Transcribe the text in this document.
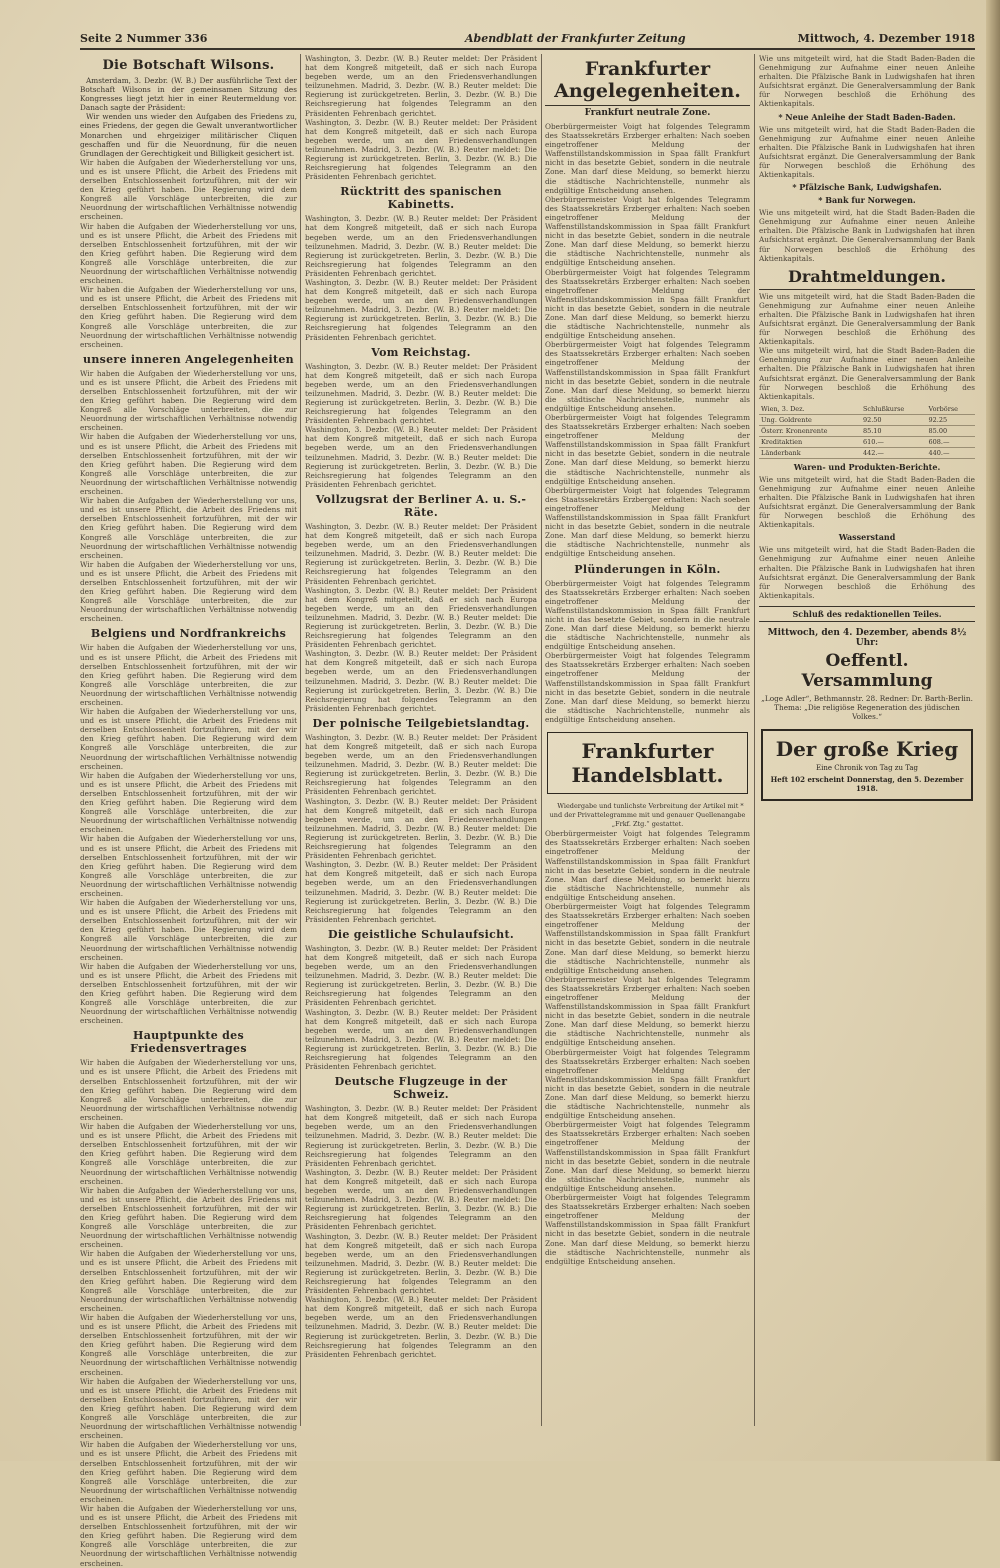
Seite 2 Nummer 336	Abendblatt der Frankfurter Zeitung	Mittwoch, 4. Dezember 1918
Die Botschaft Wilsons.

Amsterdam, 3. Dezbr. (W. B.) Der ausführliche Text der Botschaft Wilsons in der gemeinsamen Sitzung des Kongresses liegt jetzt hier in einer Reutermeldung vor. Danach sagte der Präsident:

Wir wenden uns wieder den Aufgaben des Friedens zu, eines Friedens, der gegen die Gewalt unverantwortlicher Monarchen und ehrgeiziger militärischer Cliquen geschaffen und für die Neuordnung, für die neuen Grundlagen der Gerechtigkeit und Billigkeit gesichert ist.

Wir haben die Aufgaben der Wiederherstellung vor uns, und es ist unsere Pflicht, die Arbeit des Friedens mit derselben Entschlossenheit fortzuführen, mit der wir den Krieg geführt haben. Die Regierung wird dem Kongreß alle Vorschläge unterbreiten, die zur Neuordnung der wirtschaftlichen Verhältnisse notwendig erscheinen.

Wir haben die Aufgaben der Wiederherstellung vor uns, und es ist unsere Pflicht, die Arbeit des Friedens mit derselben Entschlossenheit fortzuführen, mit der wir den Krieg geführt haben. Die Regierung wird dem Kongreß alle Vorschläge unterbreiten, die zur Neuordnung der wirtschaftlichen Verhältnisse notwendig erscheinen.

Wir haben die Aufgaben der Wiederherstellung vor uns, und es ist unsere Pflicht, die Arbeit des Friedens mit derselben Entschlossenheit fortzuführen, mit der wir den Krieg geführt haben. Die Regierung wird dem Kongreß alle Vorschläge unterbreiten, die zur Neuordnung der wirtschaftlichen Verhältnisse notwendig erscheinen.

unsere inneren Angelegenheiten

Wir haben die Aufgaben der Wiederherstellung vor uns, und es ist unsere Pflicht, die Arbeit des Friedens mit derselben Entschlossenheit fortzuführen, mit der wir den Krieg geführt haben. Die Regierung wird dem Kongreß alle Vorschläge unterbreiten, die zur Neuordnung der wirtschaftlichen Verhältnisse notwendig erscheinen.

Wir haben die Aufgaben der Wiederherstellung vor uns, und es ist unsere Pflicht, die Arbeit des Friedens mit derselben Entschlossenheit fortzuführen, mit der wir den Krieg geführt haben. Die Regierung wird dem Kongreß alle Vorschläge unterbreiten, die zur Neuordnung der wirtschaftlichen Verhältnisse notwendig erscheinen.

Wir haben die Aufgaben der Wiederherstellung vor uns, und es ist unsere Pflicht, die Arbeit des Friedens mit derselben Entschlossenheit fortzuführen, mit der wir den Krieg geführt haben. Die Regierung wird dem Kongreß alle Vorschläge unterbreiten, die zur Neuordnung der wirtschaftlichen Verhältnisse notwendig erscheinen.

Wir haben die Aufgaben der Wiederherstellung vor uns, und es ist unsere Pflicht, die Arbeit des Friedens mit derselben Entschlossenheit fortzuführen, mit der wir den Krieg geführt haben. Die Regierung wird dem Kongreß alle Vorschläge unterbreiten, die zur Neuordnung der wirtschaftlichen Verhältnisse notwendig erscheinen.

Belgiens und Nordfrankreichs

Wir haben die Aufgaben der Wiederherstellung vor uns, und es ist unsere Pflicht, die Arbeit des Friedens mit derselben Entschlossenheit fortzuführen, mit der wir den Krieg geführt haben. Die Regierung wird dem Kongreß alle Vorschläge unterbreiten, die zur Neuordnung der wirtschaftlichen Verhältnisse notwendig erscheinen.

Wir haben die Aufgaben der Wiederherstellung vor uns, und es ist unsere Pflicht, die Arbeit des Friedens mit derselben Entschlossenheit fortzuführen, mit der wir den Krieg geführt haben. Die Regierung wird dem Kongreß alle Vorschläge unterbreiten, die zur Neuordnung der wirtschaftlichen Verhältnisse notwendig erscheinen.

Wir haben die Aufgaben der Wiederherstellung vor uns, und es ist unsere Pflicht, die Arbeit des Friedens mit derselben Entschlossenheit fortzuführen, mit der wir den Krieg geführt haben. Die Regierung wird dem Kongreß alle Vorschläge unterbreiten, die zur Neuordnung der wirtschaftlichen Verhältnisse notwendig erscheinen.

Wir haben die Aufgaben der Wiederherstellung vor uns, und es ist unsere Pflicht, die Arbeit des Friedens mit derselben Entschlossenheit fortzuführen, mit der wir den Krieg geführt haben. Die Regierung wird dem Kongreß alle Vorschläge unterbreiten, die zur Neuordnung der wirtschaftlichen Verhältnisse notwendig erscheinen.

Wir haben die Aufgaben der Wiederherstellung vor uns, und es ist unsere Pflicht, die Arbeit des Friedens mit derselben Entschlossenheit fortzuführen, mit der wir den Krieg geführt haben. Die Regierung wird dem Kongreß alle Vorschläge unterbreiten, die zur Neuordnung der wirtschaftlichen Verhältnisse notwendig erscheinen.

Wir haben die Aufgaben der Wiederherstellung vor uns, und es ist unsere Pflicht, die Arbeit des Friedens mit derselben Entschlossenheit fortzuführen, mit der wir den Krieg geführt haben. Die Regierung wird dem Kongreß alle Vorschläge unterbreiten, die zur Neuordnung der wirtschaftlichen Verhältnisse notwendig erscheinen.

Hauptpunkte des Friedensvertrages

Wir haben die Aufgaben der Wiederherstellung vor uns, und es ist unsere Pflicht, die Arbeit des Friedens mit derselben Entschlossenheit fortzuführen, mit der wir den Krieg geführt haben. Die Regierung wird dem Kongreß alle Vorschläge unterbreiten, die zur Neuordnung der wirtschaftlichen Verhältnisse notwendig erscheinen.

Wir haben die Aufgaben der Wiederherstellung vor uns, und es ist unsere Pflicht, die Arbeit des Friedens mit derselben Entschlossenheit fortzuführen, mit der wir den Krieg geführt haben. Die Regierung wird dem Kongreß alle Vorschläge unterbreiten, die zur Neuordnung der wirtschaftlichen Verhältnisse notwendig erscheinen.

Wir haben die Aufgaben der Wiederherstellung vor uns, und es ist unsere Pflicht, die Arbeit des Friedens mit derselben Entschlossenheit fortzuführen, mit der wir den Krieg geführt haben. Die Regierung wird dem Kongreß alle Vorschläge unterbreiten, die zur Neuordnung der wirtschaftlichen Verhältnisse notwendig erscheinen.

Wir haben die Aufgaben der Wiederherstellung vor uns, und es ist unsere Pflicht, die Arbeit des Friedens mit derselben Entschlossenheit fortzuführen, mit der wir den Krieg geführt haben. Die Regierung wird dem Kongreß alle Vorschläge unterbreiten, die zur Neuordnung der wirtschaftlichen Verhältnisse notwendig erscheinen.

Wir haben die Aufgaben der Wiederherstellung vor uns, und es ist unsere Pflicht, die Arbeit des Friedens mit derselben Entschlossenheit fortzuführen, mit der wir den Krieg geführt haben. Die Regierung wird dem Kongreß alle Vorschläge unterbreiten, die zur Neuordnung der wirtschaftlichen Verhältnisse notwendig erscheinen.

Wir haben die Aufgaben der Wiederherstellung vor uns, und es ist unsere Pflicht, die Arbeit des Friedens mit derselben Entschlossenheit fortzuführen, mit der wir den Krieg geführt haben. Die Regierung wird dem Kongreß alle Vorschläge unterbreiten, die zur Neuordnung der wirtschaftlichen Verhältnisse notwendig erscheinen.

Wir haben die Aufgaben der Wiederherstellung vor uns, und es ist unsere Pflicht, die Arbeit des Friedens mit derselben Entschlossenheit fortzuführen, mit der wir den Krieg geführt haben. Die Regierung wird dem Kongreß alle Vorschläge unterbreiten, die zur Neuordnung der wirtschaftlichen Verhältnisse notwendig erscheinen.

Wir haben die Aufgaben der Wiederherstellung vor uns, und es ist unsere Pflicht, die Arbeit des Friedens mit derselben Entschlossenheit fortzuführen, mit der wir den Krieg geführt haben. Die Regierung wird dem Kongreß alle Vorschläge unterbreiten, die zur Neuordnung der wirtschaftlichen Verhältnisse notwendig erscheinen.

Washington, 3. Dezbr. (W. B.) Reuter meldet: Der Präsident hat dem Kongreß mitgeteilt, daß er sich nach Europa begeben werde, um an den Friedensverhandlungen teilzunehmen. Madrid, 3. Dezbr. (W. B.) Reuter meldet: Die Regierung ist zurückgetreten. Berlin, 3. Dezbr. (W. B.) Die Reichsregierung hat folgendes Telegramm an den Präsidenten Fehrenbach gerichtet.

Washington, 3. Dezbr. (W. B.) Reuter meldet: Der Präsident hat dem Kongreß mitgeteilt, daß er sich nach Europa begeben werde, um an den Friedensverhandlungen teilzunehmen. Madrid, 3. Dezbr. (W. B.) Reuter meldet: Die Regierung ist zurückgetreten. Berlin, 3. Dezbr. (W. B.) Die Reichsregierung hat folgendes Telegramm an den Präsidenten Fehrenbach gerichtet.

Rücktritt des spanischen Kabinetts.

Washington, 3. Dezbr. (W. B.) Reuter meldet: Der Präsident hat dem Kongreß mitgeteilt, daß er sich nach Europa begeben werde, um an den Friedensverhandlungen teilzunehmen. Madrid, 3. Dezbr. (W. B.) Reuter meldet: Die Regierung ist zurückgetreten. Berlin, 3. Dezbr. (W. B.) Die Reichsregierung hat folgendes Telegramm an den Präsidenten Fehrenbach gerichtet.

Washington, 3. Dezbr. (W. B.) Reuter meldet: Der Präsident hat dem Kongreß mitgeteilt, daß er sich nach Europa begeben werde, um an den Friedensverhandlungen teilzunehmen. Madrid, 3. Dezbr. (W. B.) Reuter meldet: Die Regierung ist zurückgetreten. Berlin, 3. Dezbr. (W. B.) Die Reichsregierung hat folgendes Telegramm an den Präsidenten Fehrenbach gerichtet.

Vom Reichstag.

Washington, 3. Dezbr. (W. B.) Reuter meldet: Der Präsident hat dem Kongreß mitgeteilt, daß er sich nach Europa begeben werde, um an den Friedensverhandlungen teilzunehmen. Madrid, 3. Dezbr. (W. B.) Reuter meldet: Die Regierung ist zurückgetreten. Berlin, 3. Dezbr. (W. B.) Die Reichsregierung hat folgendes Telegramm an den Präsidenten Fehrenbach gerichtet.

Washington, 3. Dezbr. (W. B.) Reuter meldet: Der Präsident hat dem Kongreß mitgeteilt, daß er sich nach Europa begeben werde, um an den Friedensverhandlungen teilzunehmen. Madrid, 3. Dezbr. (W. B.) Reuter meldet: Die Regierung ist zurückgetreten. Berlin, 3. Dezbr. (W. B.) Die Reichsregierung hat folgendes Telegramm an den Präsidenten Fehrenbach gerichtet.

Vollzugsrat der Berliner A. u. S.-Räte.

Washington, 3. Dezbr. (W. B.) Reuter meldet: Der Präsident hat dem Kongreß mitgeteilt, daß er sich nach Europa begeben werde, um an den Friedensverhandlungen teilzunehmen. Madrid, 3. Dezbr. (W. B.) Reuter meldet: Die Regierung ist zurückgetreten. Berlin, 3. Dezbr. (W. B.) Die Reichsregierung hat folgendes Telegramm an den Präsidenten Fehrenbach gerichtet.

Washington, 3. Dezbr. (W. B.) Reuter meldet: Der Präsident hat dem Kongreß mitgeteilt, daß er sich nach Europa begeben werde, um an den Friedensverhandlungen teilzunehmen. Madrid, 3. Dezbr. (W. B.) Reuter meldet: Die Regierung ist zurückgetreten. Berlin, 3. Dezbr. (W. B.) Die Reichsregierung hat folgendes Telegramm an den Präsidenten Fehrenbach gerichtet.

Washington, 3. Dezbr. (W. B.) Reuter meldet: Der Präsident hat dem Kongreß mitgeteilt, daß er sich nach Europa begeben werde, um an den Friedensverhandlungen teilzunehmen. Madrid, 3. Dezbr. (W. B.) Reuter meldet: Die Regierung ist zurückgetreten. Berlin, 3. Dezbr. (W. B.) Die Reichsregierung hat folgendes Telegramm an den Präsidenten Fehrenbach gerichtet.

Der polnische Teilgebietslandtag.

Washington, 3. Dezbr. (W. B.) Reuter meldet: Der Präsident hat dem Kongreß mitgeteilt, daß er sich nach Europa begeben werde, um an den Friedensverhandlungen teilzunehmen. Madrid, 3. Dezbr. (W. B.) Reuter meldet: Die Regierung ist zurückgetreten. Berlin, 3. Dezbr. (W. B.) Die Reichsregierung hat folgendes Telegramm an den Präsidenten Fehrenbach gerichtet.

Washington, 3. Dezbr. (W. B.) Reuter meldet: Der Präsident hat dem Kongreß mitgeteilt, daß er sich nach Europa begeben werde, um an den Friedensverhandlungen teilzunehmen. Madrid, 3. Dezbr. (W. B.) Reuter meldet: Die Regierung ist zurückgetreten. Berlin, 3. Dezbr. (W. B.) Die Reichsregierung hat folgendes Telegramm an den Präsidenten Fehrenbach gerichtet.

Washington, 3. Dezbr. (W. B.) Reuter meldet: Der Präsident hat dem Kongreß mitgeteilt, daß er sich nach Europa begeben werde, um an den Friedensverhandlungen teilzunehmen. Madrid, 3. Dezbr. (W. B.) Reuter meldet: Die Regierung ist zurückgetreten. Berlin, 3. Dezbr. (W. B.) Die Reichsregierung hat folgendes Telegramm an den Präsidenten Fehrenbach gerichtet.

Die geistliche Schulaufsicht.

Washington, 3. Dezbr. (W. B.) Reuter meldet: Der Präsident hat dem Kongreß mitgeteilt, daß er sich nach Europa begeben werde, um an den Friedensverhandlungen teilzunehmen. Madrid, 3. Dezbr. (W. B.) Reuter meldet: Die Regierung ist zurückgetreten. Berlin, 3. Dezbr. (W. B.) Die Reichsregierung hat folgendes Telegramm an den Präsidenten Fehrenbach gerichtet.

Washington, 3. Dezbr. (W. B.) Reuter meldet: Der Präsident hat dem Kongreß mitgeteilt, daß er sich nach Europa begeben werde, um an den Friedensverhandlungen teilzunehmen. Madrid, 3. Dezbr. (W. B.) Reuter meldet: Die Regierung ist zurückgetreten. Berlin, 3. Dezbr. (W. B.) Die Reichsregierung hat folgendes Telegramm an den Präsidenten Fehrenbach gerichtet.

Deutsche Flugzeuge in der Schweiz.

Washington, 3. Dezbr. (W. B.) Reuter meldet: Der Präsident hat dem Kongreß mitgeteilt, daß er sich nach Europa begeben werde, um an den Friedensverhandlungen teilzunehmen. Madrid, 3. Dezbr. (W. B.) Reuter meldet: Die Regierung ist zurückgetreten. Berlin, 3. Dezbr. (W. B.) Die Reichsregierung hat folgendes Telegramm an den Präsidenten Fehrenbach gerichtet.

Washington, 3. Dezbr. (W. B.) Reuter meldet: Der Präsident hat dem Kongreß mitgeteilt, daß er sich nach Europa begeben werde, um an den Friedensverhandlungen teilzunehmen. Madrid, 3. Dezbr. (W. B.) Reuter meldet: Die Regierung ist zurückgetreten. Berlin, 3. Dezbr. (W. B.) Die Reichsregierung hat folgendes Telegramm an den Präsidenten Fehrenbach gerichtet.

Washington, 3. Dezbr. (W. B.) Reuter meldet: Der Präsident hat dem Kongreß mitgeteilt, daß er sich nach Europa begeben werde, um an den Friedensverhandlungen teilzunehmen. Madrid, 3. Dezbr. (W. B.) Reuter meldet: Die Regierung ist zurückgetreten. Berlin, 3. Dezbr. (W. B.) Die Reichsregierung hat folgendes Telegramm an den Präsidenten Fehrenbach gerichtet.

Washington, 3. Dezbr. (W. B.) Reuter meldet: Der Präsident hat dem Kongreß mitgeteilt, daß er sich nach Europa begeben werde, um an den Friedensverhandlungen teilzunehmen. Madrid, 3. Dezbr. (W. B.) Reuter meldet: Die Regierung ist zurückgetreten. Berlin, 3. Dezbr. (W. B.) Die Reichsregierung hat folgendes Telegramm an den Präsidenten Fehrenbach gerichtet.

Frankfurter Angelegenheiten.
Frankfurt neutrale Zone.

Oberbürgermeister Voigt hat folgendes Telegramm des Staatssekretärs Erzberger erhalten: Nach soeben eingetroffener Meldung der Waffenstillstandskommission in Spaa fällt Frankfurt nicht in das besetzte Gebiet, sondern in die neutrale Zone. Man darf diese Meldung, so bemerkt hierzu die städtische Nachrichtenstelle, nunmehr als endgültige Entscheidung ansehen.

Oberbürgermeister Voigt hat folgendes Telegramm des Staatssekretärs Erzberger erhalten: Nach soeben eingetroffener Meldung der Waffenstillstandskommission in Spaa fällt Frankfurt nicht in das besetzte Gebiet, sondern in die neutrale Zone. Man darf diese Meldung, so bemerkt hierzu die städtische Nachrichtenstelle, nunmehr als endgültige Entscheidung ansehen.

Oberbürgermeister Voigt hat folgendes Telegramm des Staatssekretärs Erzberger erhalten: Nach soeben eingetroffener Meldung der Waffenstillstandskommission in Spaa fällt Frankfurt nicht in das besetzte Gebiet, sondern in die neutrale Zone. Man darf diese Meldung, so bemerkt hierzu die städtische Nachrichtenstelle, nunmehr als endgültige Entscheidung ansehen.

Oberbürgermeister Voigt hat folgendes Telegramm des Staatssekretärs Erzberger erhalten: Nach soeben eingetroffener Meldung der Waffenstillstandskommission in Spaa fällt Frankfurt nicht in das besetzte Gebiet, sondern in die neutrale Zone. Man darf diese Meldung, so bemerkt hierzu die städtische Nachrichtenstelle, nunmehr als endgültige Entscheidung ansehen.

Oberbürgermeister Voigt hat folgendes Telegramm des Staatssekretärs Erzberger erhalten: Nach soeben eingetroffener Meldung der Waffenstillstandskommission in Spaa fällt Frankfurt nicht in das besetzte Gebiet, sondern in die neutrale Zone. Man darf diese Meldung, so bemerkt hierzu die städtische Nachrichtenstelle, nunmehr als endgültige Entscheidung ansehen.

Oberbürgermeister Voigt hat folgendes Telegramm des Staatssekretärs Erzberger erhalten: Nach soeben eingetroffener Meldung der Waffenstillstandskommission in Spaa fällt Frankfurt nicht in das besetzte Gebiet, sondern in die neutrale Zone. Man darf diese Meldung, so bemerkt hierzu die städtische Nachrichtenstelle, nunmehr als endgültige Entscheidung ansehen.

Plünderungen in Köln.

Oberbürgermeister Voigt hat folgendes Telegramm des Staatssekretärs Erzberger erhalten: Nach soeben eingetroffener Meldung der Waffenstillstandskommission in Spaa fällt Frankfurt nicht in das besetzte Gebiet, sondern in die neutrale Zone. Man darf diese Meldung, so bemerkt hierzu die städtische Nachrichtenstelle, nunmehr als endgültige Entscheidung ansehen.

Oberbürgermeister Voigt hat folgendes Telegramm des Staatssekretärs Erzberger erhalten: Nach soeben eingetroffener Meldung der Waffenstillstandskommission in Spaa fällt Frankfurt nicht in das besetzte Gebiet, sondern in die neutrale Zone. Man darf diese Meldung, so bemerkt hierzu die städtische Nachrichtenstelle, nunmehr als endgültige Entscheidung ansehen.

Frankfurter Handelsblatt.

Wiedergabe und tunlichste Verbreitung der Artikel mit * und der Privattelegramme mit und genauer Quellenangabe „Frkf. Ztg.“ gestattet.

Oberbürgermeister Voigt hat folgendes Telegramm des Staatssekretärs Erzberger erhalten: Nach soeben eingetroffener Meldung der Waffenstillstandskommission in Spaa fällt Frankfurt nicht in das besetzte Gebiet, sondern in die neutrale Zone. Man darf diese Meldung, so bemerkt hierzu die städtische Nachrichtenstelle, nunmehr als endgültige Entscheidung ansehen.

Oberbürgermeister Voigt hat folgendes Telegramm des Staatssekretärs Erzberger erhalten: Nach soeben eingetroffener Meldung der Waffenstillstandskommission in Spaa fällt Frankfurt nicht in das besetzte Gebiet, sondern in die neutrale Zone. Man darf diese Meldung, so bemerkt hierzu die städtische Nachrichtenstelle, nunmehr als endgültige Entscheidung ansehen.

Oberbürgermeister Voigt hat folgendes Telegramm des Staatssekretärs Erzberger erhalten: Nach soeben eingetroffener Meldung der Waffenstillstandskommission in Spaa fällt Frankfurt nicht in das besetzte Gebiet, sondern in die neutrale Zone. Man darf diese Meldung, so bemerkt hierzu die städtische Nachrichtenstelle, nunmehr als endgültige Entscheidung ansehen.

Oberbürgermeister Voigt hat folgendes Telegramm des Staatssekretärs Erzberger erhalten: Nach soeben eingetroffener Meldung der Waffenstillstandskommission in Spaa fällt Frankfurt nicht in das besetzte Gebiet, sondern in die neutrale Zone. Man darf diese Meldung, so bemerkt hierzu die städtische Nachrichtenstelle, nunmehr als endgültige Entscheidung ansehen.

Oberbürgermeister Voigt hat folgendes Telegramm des Staatssekretärs Erzberger erhalten: Nach soeben eingetroffener Meldung der Waffenstillstandskommission in Spaa fällt Frankfurt nicht in das besetzte Gebiet, sondern in die neutrale Zone. Man darf diese Meldung, so bemerkt hierzu die städtische Nachrichtenstelle, nunmehr als endgültige Entscheidung ansehen.

Oberbürgermeister Voigt hat folgendes Telegramm des Staatssekretärs Erzberger erhalten: Nach soeben eingetroffener Meldung der Waffenstillstandskommission in Spaa fällt Frankfurt nicht in das besetzte Gebiet, sondern in die neutrale Zone. Man darf diese Meldung, so bemerkt hierzu die städtische Nachrichtenstelle, nunmehr als endgültige Entscheidung ansehen.

Wie uns mitgeteilt wird, hat die Stadt Baden-Baden die Genehmigung zur Aufnahme einer neuen Anleihe erhalten. Die Pfälzische Bank in Ludwigshafen hat ihren Aufsichtsrat ergänzt. Die Generalversammlung der Bank für Norwegen beschloß die Erhöhung des Aktienkapitals.

* Neue Anleihe der Stadt Baden-Baden.

Wie uns mitgeteilt wird, hat die Stadt Baden-Baden die Genehmigung zur Aufnahme einer neuen Anleihe erhalten. Die Pfälzische Bank in Ludwigshafen hat ihren Aufsichtsrat ergänzt. Die Generalversammlung der Bank für Norwegen beschloß die Erhöhung des Aktienkapitals.

* Pfälzische Bank, Ludwigshafen.
* Bank fur Norwegen.

Wie uns mitgeteilt wird, hat die Stadt Baden-Baden die Genehmigung zur Aufnahme einer neuen Anleihe erhalten. Die Pfälzische Bank in Ludwigshafen hat ihren Aufsichtsrat ergänzt. Die Generalversammlung der Bank für Norwegen beschloß die Erhöhung des Aktienkapitals.

Drahtmeldungen.

Wie uns mitgeteilt wird, hat die Stadt Baden-Baden die Genehmigung zur Aufnahme einer neuen Anleihe erhalten. Die Pfälzische Bank in Ludwigshafen hat ihren Aufsichtsrat ergänzt. Die Generalversammlung der Bank für Norwegen beschloß die Erhöhung des Aktienkapitals.

Wie uns mitgeteilt wird, hat die Stadt Baden-Baden die Genehmigung zur Aufnahme einer neuen Anleihe erhalten. Die Pfälzische Bank in Ludwigshafen hat ihren Aufsichtsrat ergänzt. Die Generalversammlung der Bank für Norwegen beschloß die Erhöhung des Aktienkapitals.

Wien, 3. Dez.	Schlußkurse	Vorbörse
Ung. Goldrente	92.50	92.25
Österr. Kronenrente	85.10	85.00
Kreditaktien	610.—	608.—
Länderbank	442.—	440.—
Waren- und Produkten-Berichte.

Wie uns mitgeteilt wird, hat die Stadt Baden-Baden die Genehmigung zur Aufnahme einer neuen Anleihe erhalten. Die Pfälzische Bank in Ludwigshafen hat ihren Aufsichtsrat ergänzt. Die Generalversammlung der Bank für Norwegen beschloß die Erhöhung des Aktienkapitals.

Wasserstand

Wie uns mitgeteilt wird, hat die Stadt Baden-Baden die Genehmigung zur Aufnahme einer neuen Anleihe erhalten. Die Pfälzische Bank in Ludwigshafen hat ihren Aufsichtsrat ergänzt. Die Generalversammlung der Bank für Norwegen beschloß die Erhöhung des Aktienkapitals.

Schluß des redaktionellen Teiles.
Mittwoch, den 4. Dezember, abends 8½ Uhr:
Oeffentl. Versammlung

„Loge Adler“, Bethmannstr. 28. Redner: Dr. Barth-Berlin. Thema: „Die religiöse Regeneration des jüdischen Volkes.“

Der große Krieg
Eine Chronik von Tag zu Tag
Heft 102 erscheint Donnerstag, den 5. Dezember 1918.
